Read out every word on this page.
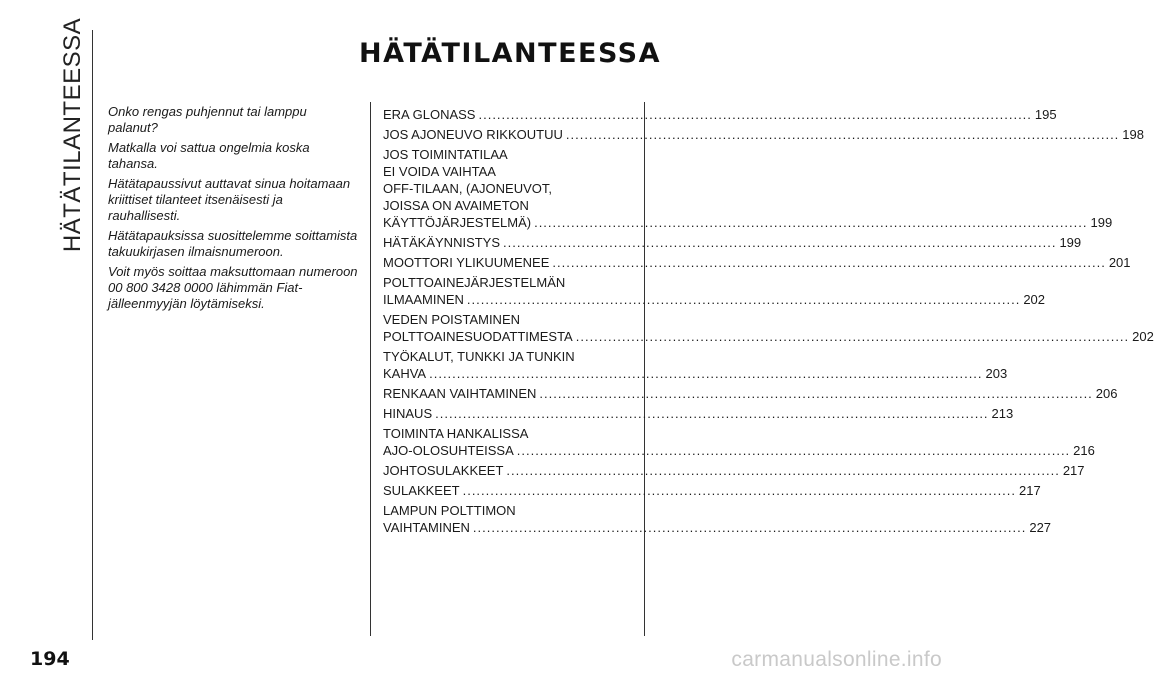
HÄTÄTILANTEESSA	HÄTÄTILANTEESSA

Onko rengas puhjennut tai lamppu palanut?

Matkalla voi sattua ongelmia koska tahansa.

Hätätapaussivut auttavat sinua hoitamaan kriittiset tilanteet itsenäisesti ja rauhallisesti.

Hätätapauksissa suosittelemme soittamista takuukirjasen ilmaisnumeroon.

Voit myös soittaa maksuttomaan numeroon 00 800 3428 0000 lähimmän Fiat-jälleenmyyjän löytämiseksi.

ERA GLONASS ........................................................................................................................ 195
JOS AJONEUVO RIKKOUTUU ........................................................................................................................ 198
JOS TOIMINTATILAA
EI VOIDA VAIHTAA
OFF-TILAAN, (AJONEUVOT,
JOISSA ON AVAIMETON
KÄYTTÖJÄRJESTELMÄ) ........................................................................................................................ 199
HÄTÄKÄYNNISTYS ........................................................................................................................ 199
MOOTTORI YLIKUUMENEE ........................................................................................................................ 201
POLTTOAINEJÄRJESTELMÄN
ILMAAMINEN ........................................................................................................................ 202
VEDEN POISTAMINEN
POLTTOAINESUODATTIMESTA ........................................................................................................................ 202
TYÖKALUT, TUNKKI JA TUNKIN
KAHVA ........................................................................................................................ 203
RENKAAN VAIHTAMINEN ........................................................................................................................ 206
HINAUS ........................................................................................................................ 213
TOIMINTA HANKALISSA
AJO-OLOSUHTEISSA ........................................................................................................................ 216
JOHTOSULAKKEET ........................................................................................................................ 217
SULAKKEET ........................................................................................................................ 217
LAMPUN POLTTIMON
VAIHTAMINEN ........................................................................................................................ 227
194	carmanualsonline.info
